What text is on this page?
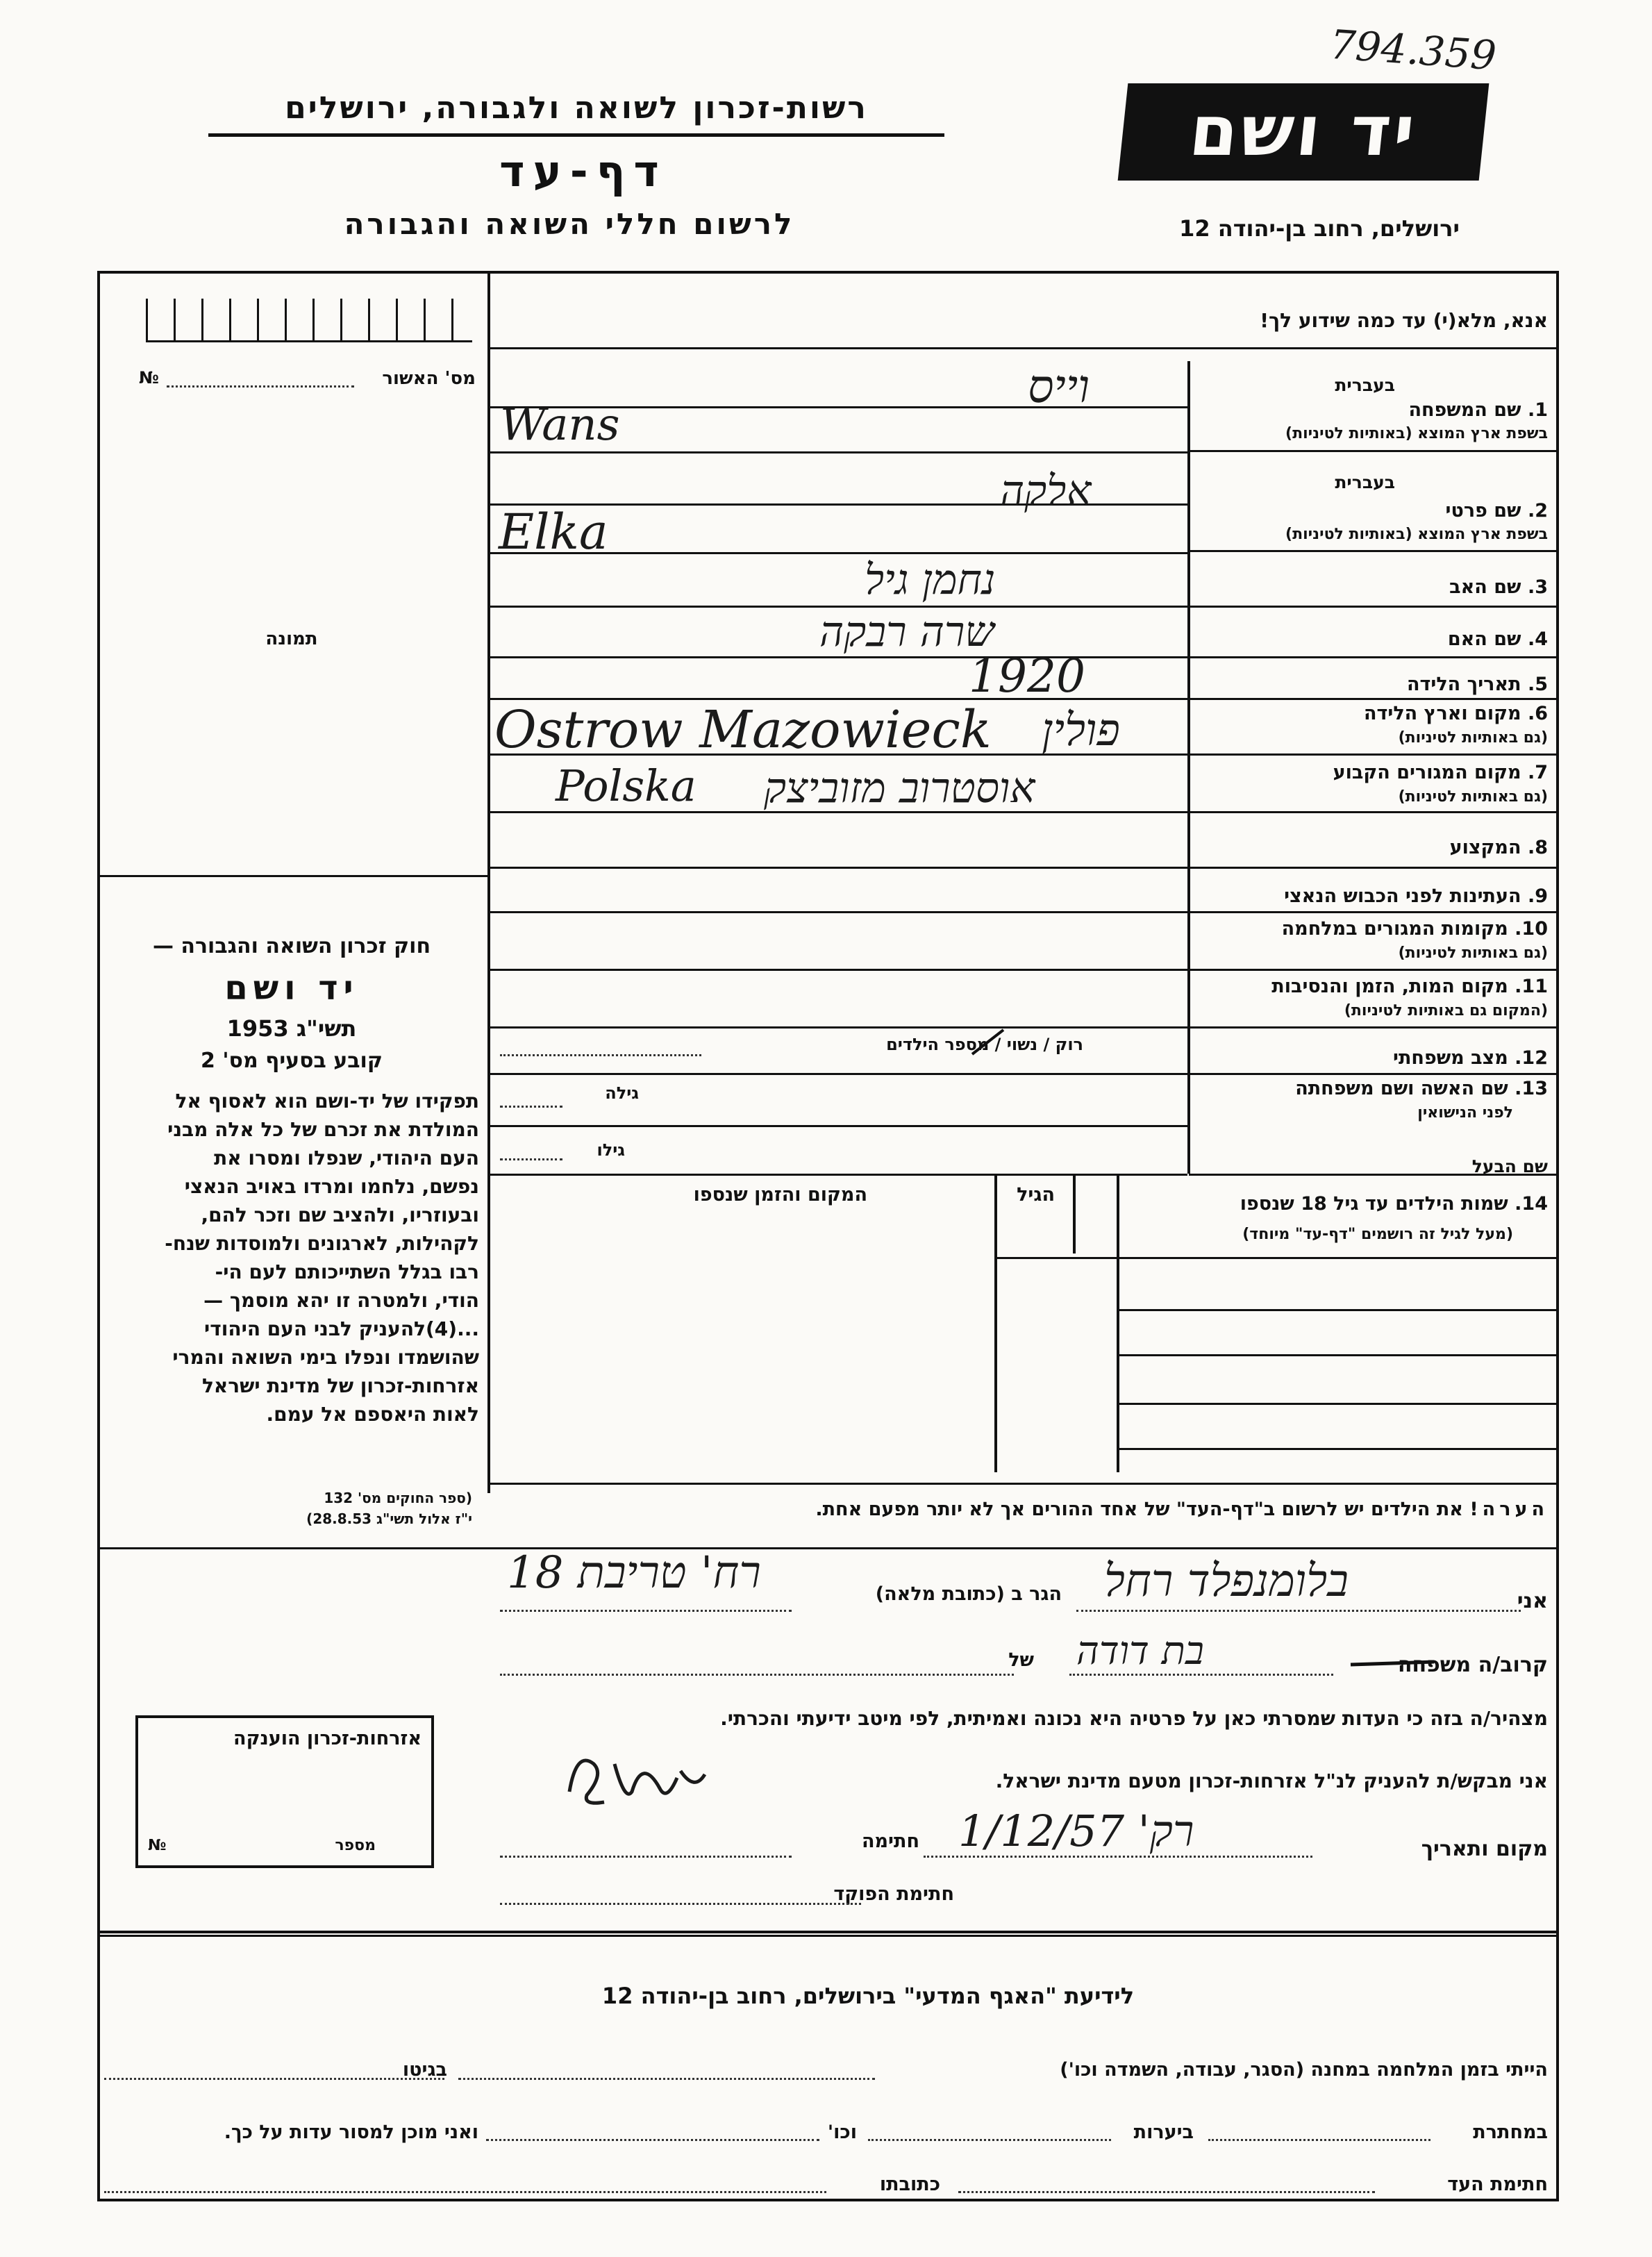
794.359
יד ושם
רשות-זכרון לשואה ולגבורה, ירושלים
דף-עד
לרשום חללי השואה והגבורה	ירושלים, רחוב בן-יהודה 12
מס' האשור
№
תמונה
חוק זכרון השואה והגבורה —
יד ושם
תשי"ג 1953
קובע בסעיף מס' 2
תפקידו של יד-ושם הוא לאסוף אל
המולדת את זכרם של כל אלה מבני
העם היהודי, שנפלו ומסרו את
נפשם, נלחמו ומרדו באויב הנאצי
ובעוזריו, ולהציב שם וזכר להם,
לקהילות, לארגונים ולמוסדות שנח-
רבו בגלל השתייכותם לעם הי-
הודי, ולמטרה זו יהא מוסמך —
...(4)להעניק לבני העם היהודי
שהושמדו ונפלו בימי השואה והמרי
אזרחות-זכרון של מדינת ישראל
לאות היאספם אל עמם.
(ספר החוקים מס' 132
י"ז אלול תשי"ג 28.8.53)
אנא, מלא(י) עד כמה שידוע לך!
בעברית
בעברית
1. שם המשפחה
בשפת ארץ המוצא (באותיות לטיניות)
2. שם פרטי
בשפת ארץ המוצא (באותיות לטיניות)
3. שם האב
4. שם האם
5. תאריך הלידה
6. מקום וארץ הלידה
(גם באותיות לטיניות)
7. מקום המגורים הקבוע
(גם באותיות לטיניות)
8. המקצוע
9. העתינות לפני הכבוש הנאצי
10. מקומות המגורים במלחמה
(גם באותיות לטיניות)
11. מקום המות, הזמן והנסיבות
(המקום גם באותיות לטיניות)
12. מצב משפחתי
13. שם האשה ושם משפחתה
לפני הנישואין
שם הבעל
רוק / נשוי / מספר הילדים
גילה
גילו
14. שמות הילדים עד גיל 18 שנספו
(מעל לגיל זה רושמים "דף-עד" מיוחד)
הגיל
המקום והזמן שנספו
הערה! את הילדים יש לרשום ב"דף-העד" של אחד ההורים אך לא יותר מפעם אחת.
וייס
Wans
אלקה
Elka
נחמן גיל
שרה רבקה
1920
Ostrow Mazowieck פולין
Polska אוסטרוב מזוביצק
אני
בלומנפלד רחל
הגר ב (כתובת מלאה)
רח' טריבת 18
קרוב/ה משפחה
בת דודה
של
מצהיר/ה בזה כי העדות שמסרתי כאן על פרטיה היא נכונה ואמיתית, לפי מיטב ידיעתי והכרתי.
אני מבקש/ת להעניק לנ"ל אזרחות-זכרון מטעם מדינת ישראל.
מקום ותאריך
רק' 1/12/57
חתימה
חתימת הפוקד
אזרחות-זכרון הוענקה
מספר
№
לידיעת "האגף המדעי" בירושלים, רחוב בן-יהודה 12
הייתי בזמן המלחמה במחנה (הסגר, עבודה, השמדה וכו')
בגיטו
במחתרת
ביערות
וכו'
ואני מוכן למסור עדות על כך.
חתימת העד
כתובתו
